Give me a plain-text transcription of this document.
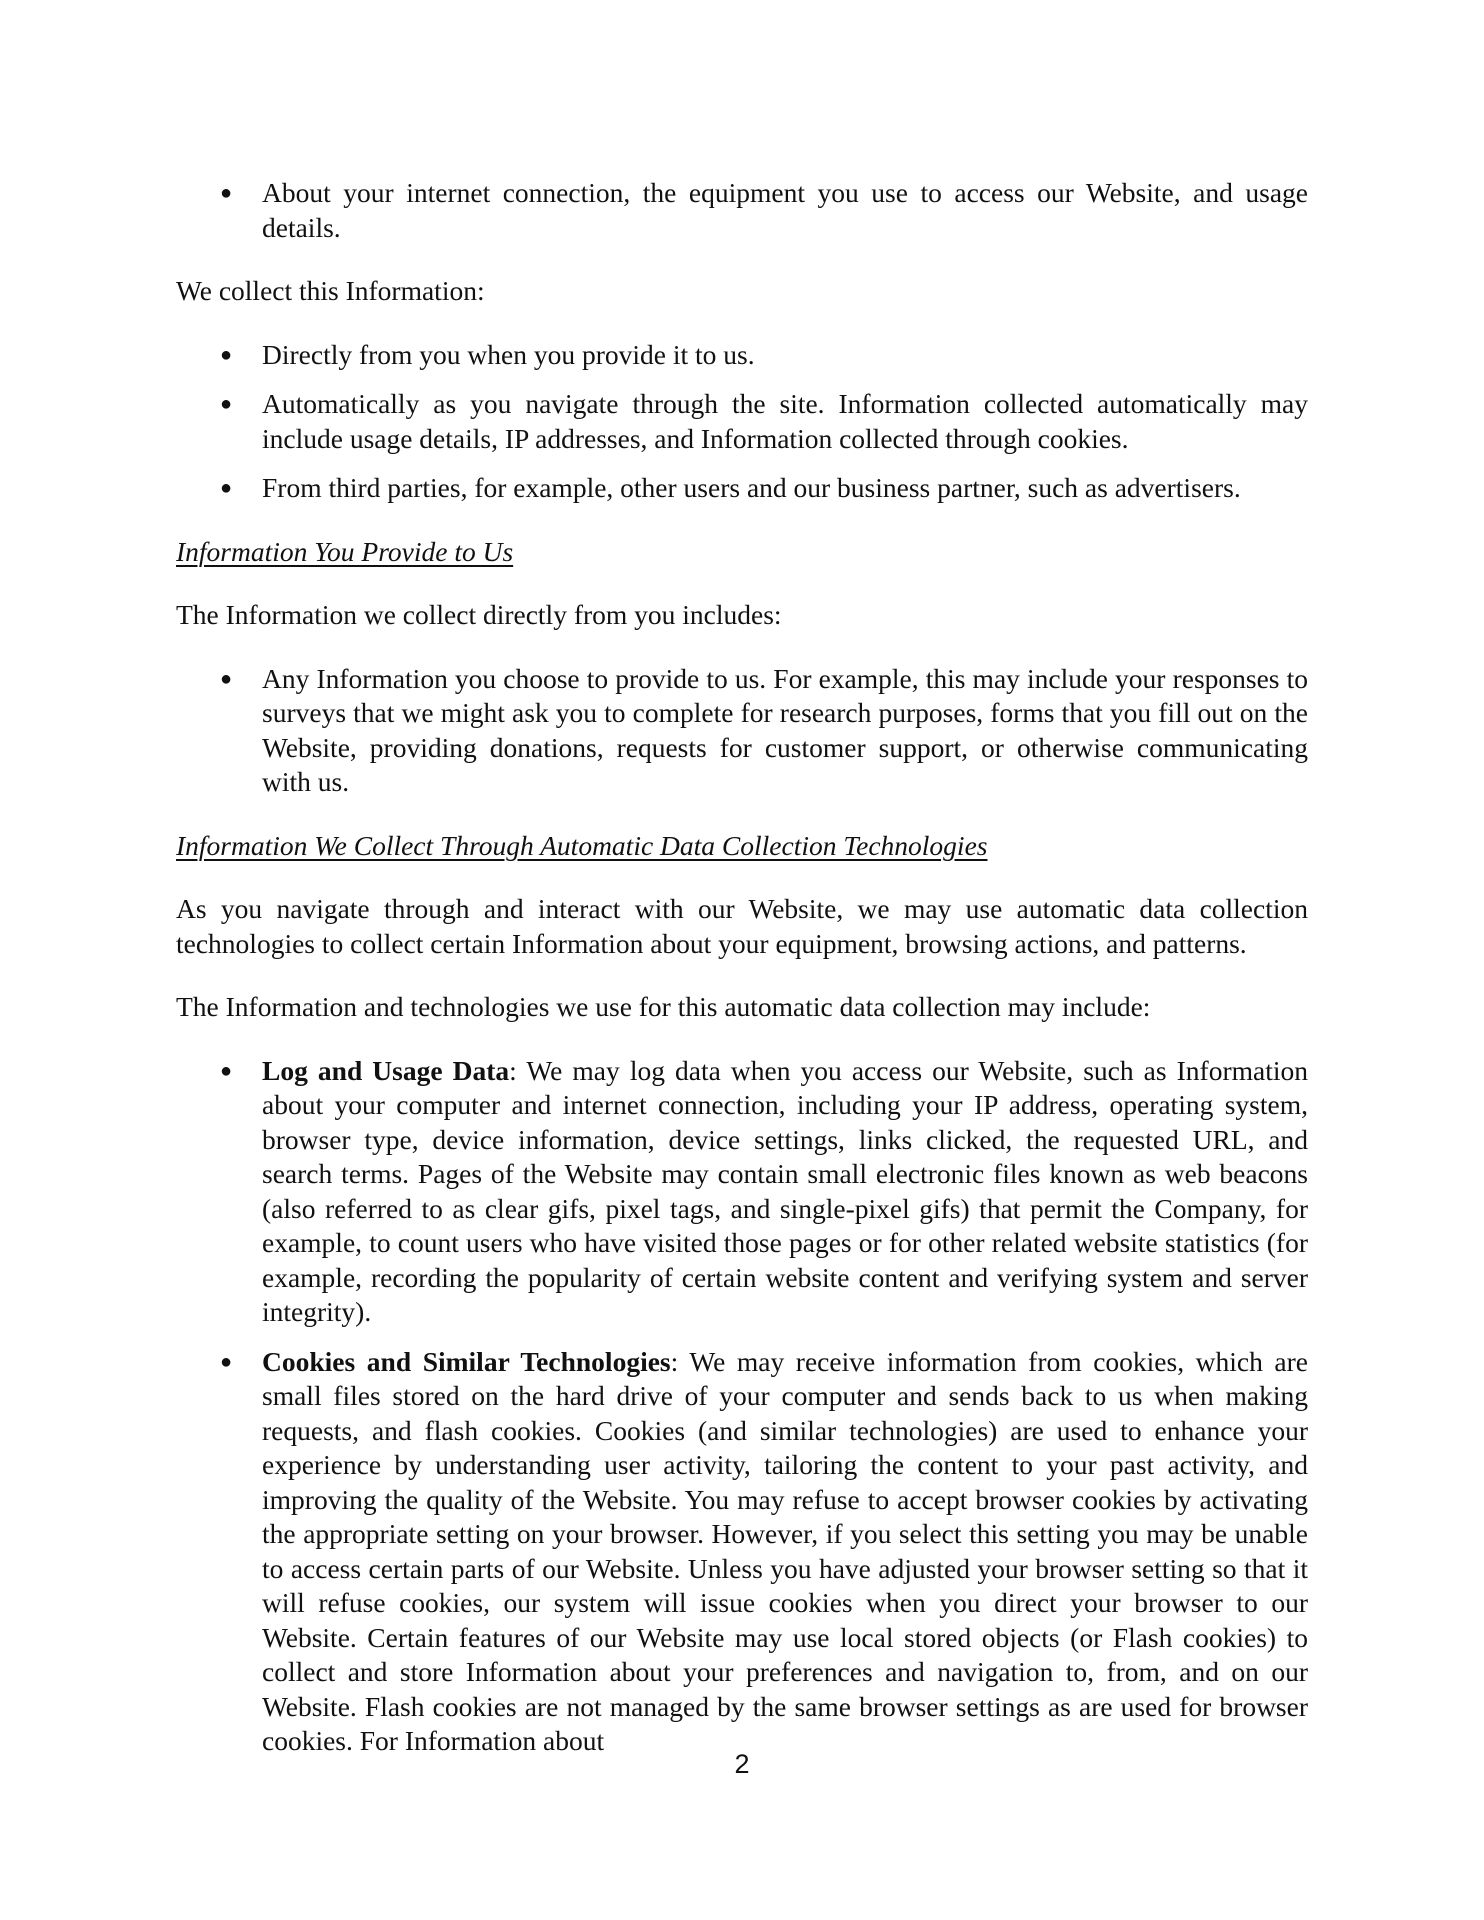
● About your internet connection, the equipment you use to access our Website, and usage details.

We collect this Information:

● Directly from you when you provide it to us.
● Automatically as you navigate through the site. Information collected automatically may include usage details, IP addresses, and Information collected through cookies.
● From third parties, for example, other users and our business partner, such as advertisers.

Information You Provide to Us

The Information we collect directly from you includes:

● Any Information you choose to provide to us. For example, this may include your responses to surveys that we might ask you to complete for research purposes, forms that you fill out on the Website, providing donations, requests for customer support, or otherwise communicating with us.

Information We Collect Through Automatic Data Collection Technologies

As you navigate through and interact with our Website, we may use automatic data collection technologies to collect certain Information about your equipment, browsing actions, and patterns.

The Information and technologies we use for this automatic data collection may include:

● Log and Usage Data: We may log data when you access our Website, such as Information about your computer and internet connection, including your IP address, operating system, browser type, device information, device settings, links clicked, the requested URL, and search terms. Pages of the Website may contain small electronic files known as web beacons (also referred to as clear gifs, pixel tags, and single-pixel gifs) that permit the Company, for example, to count users who have visited those pages or for other related website statistics (for example, recording the popularity of certain website content and verifying system and server integrity).
● Cookies and Similar Technologies: We may receive information from cookies, which are small files stored on the hard drive of your computer and sends back to us when making requests, and flash cookies. Cookies (and similar technologies) are used to enhance your experience by understanding user activity, tailoring the content to your past activity, and improving the quality of the Website. You may refuse to accept browser cookies by activating the appropriate setting on your browser. However, if you select this setting you may be unable to access certain parts of our Website. Unless you have adjusted your browser setting so that it will refuse cookies, our system will issue cookies when you direct your browser to our Website. Certain features of our Website may use local stored objects (or Flash cookies) to collect and store Information about your preferences and navigation to, from, and on our Website. Flash cookies are not managed by the same browser settings as are used for browser cookies. For Information about
2
